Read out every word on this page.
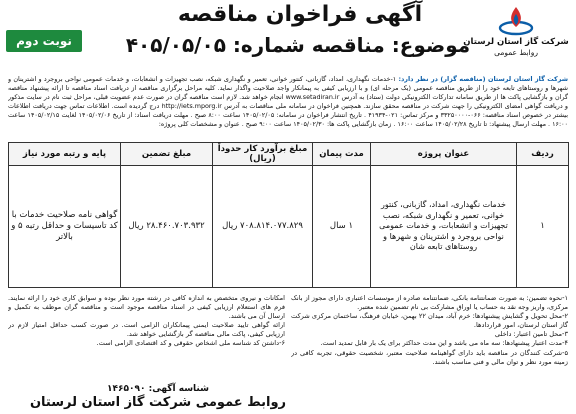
شرکت گاز استان لرستان
روابط عمومی
آگهی فراخوان مناقصه
موضوع: مناقصه شماره: ۴۰۵/۰۵/۰۵
نوبت دوم
شرکت گاز استان لرستان (مناقصه گزار) در نظر دارد: ۱-خدمات نگهداری، امداد، گازبانی، کنتور خوانی، تعمیر و نگهداری شبکه، نصب تجهیزات و انشعابات، و خدمات عمومی نواحی بروجرد و اشترینان و شهرها و روستاهای تابعه خود را از طریق مناقصه عمومی (یک مرحله ای) و با ارزیابی کیفی به پیمانکار واجد صلاحیت واگذار نماید. کلیه مراحل برگزاری مناقصه از دریافت اسناد مناقصه تا ارائه پیشنهاد مناقصه گران و بازگشایی پاکت ها از طریق سامانه تدارکات الکترونیکی دولت (ستاد) به آدرس www.setadiran.ir انجام خواهد شد. لازم است مناقصه گران در صورت عدم عضویت قبلی، مراحل ثبت نام در سایت مذکور و دریافت گواهی امضای الکترونیکی را جهت شرکت در مناقصه محقق سازند. همچنین فراخوان در سامانه ملی مناقصات به آدرس http://iets.mporg.ir درج گردیده است. اطلاعات تماس جهت دریافت اطلاعات بیشتر در خصوص اسناد مناقصه: ۰۶۶-۳۳۲۵۰۰۰۰ و مرکز تماس: ۰۲۱-۴۱۹۳۴ . تاریخ انتشار فراخوان در سامانه: ۱۴۰۵/۰۲/۰۵ ساعت ۸:۰۰ صبح . مهلت دریافت اسناد: از تاریخ ۱۴۰۵/۰۲/۰۶ لغایت ۱۴۰۵/۰۲/۱۵ ساعت ۱۶:۰۰ . مهلت ارسال پیشنهاد: تا تاریخ ۱۴۰۵/۰۲/۲۸ ساعت ۱۶:۰۰ . زمان بازگشایی پاکت ها: ۱۴۰۵/۰۲/۳۰ ساعت ۹:۰۰ صبح . عنوان و مشخصات کلی پروژه:
ردیف	عنوان پروژه	مدت پیمان	مبلغ برآورد کار حدوداً (ریال)	مبلغ تضمین	پایه و رتبه مورد نیاز
۱	خدمات نگهداری، امداد، گازبانی، کنتور خوانی، تعمیر و نگهداری شبکه، نصب تجهیزات و انشعابات، و خدمات عمومی نواحی بروجرد و اشترینان و شهرها و روستاهای تابعه شان	۱ سال	۷۰۸.۸۱۴.۰۷۷.۸۲۹ ریال	۲۸.۴۶۰.۷۰۳.۹۳۲ ریال	گواهی نامه صلاحیت خدمات با کد تاسیسات و حداقل رتبه ۵ و بالاتر

۱-نحوه تضمین: به صورت ضمانتنامه بانکی، ضمانتنامه صادره از موسسات اعتباری دارای مجوز از بانک مرکزی، واریز وجه نقد به حساب یا اوراق مشارکت بی نام تضمین شده معتبر.

۲-محل تحویل و گشایش پیشنهادها: خرم آباد، میدان ۲۲ بهمن، خیابان فرهنگ، ساختمان مرکزی شرکت گاز استان لرستان، امور قراردادها.

۳-محل تامین اعتبار: داخلی

۴-مدت اعتبار پیشنهادها: سه ماه می باشد و این مدت حداکثر برای یک بار قابل تمدید است.

۵-شرکت کنندگان در مناقصه باید دارای گواهینامه صلاحیت معتبر، شخصیت حقوقی، تجربه کافی در زمینه مورد نظر و توان مالی و فنی مناسب باشند.

امکانات و نیروی متخصص به اندازه کافی در رشته مورد نظر بوده و سوابق کاری خود را ارائه نمایند. فرم های استعلام ارزیابی کیفی در اسناد مناقصه موجود است و مناقصه گران موظف به تکمیل و ارسال آن می باشند.

ارائه گواهی تایید صلاحیت ایمنی پیمانکاران الزامی است. در صورت کسب حداقل امتیاز لازم در ارزیابی کیفی، پاکت مالی مناقصه گر بازگشایی خواهد شد.

۶-داشتن کد شناسه ملی اشخاص حقوقی و کد اقتصادی الزامی است.

شناسه آگهی: ۱۴۶۵۰۹۰
روابط عمومی شرکت گاز استان لرستان
